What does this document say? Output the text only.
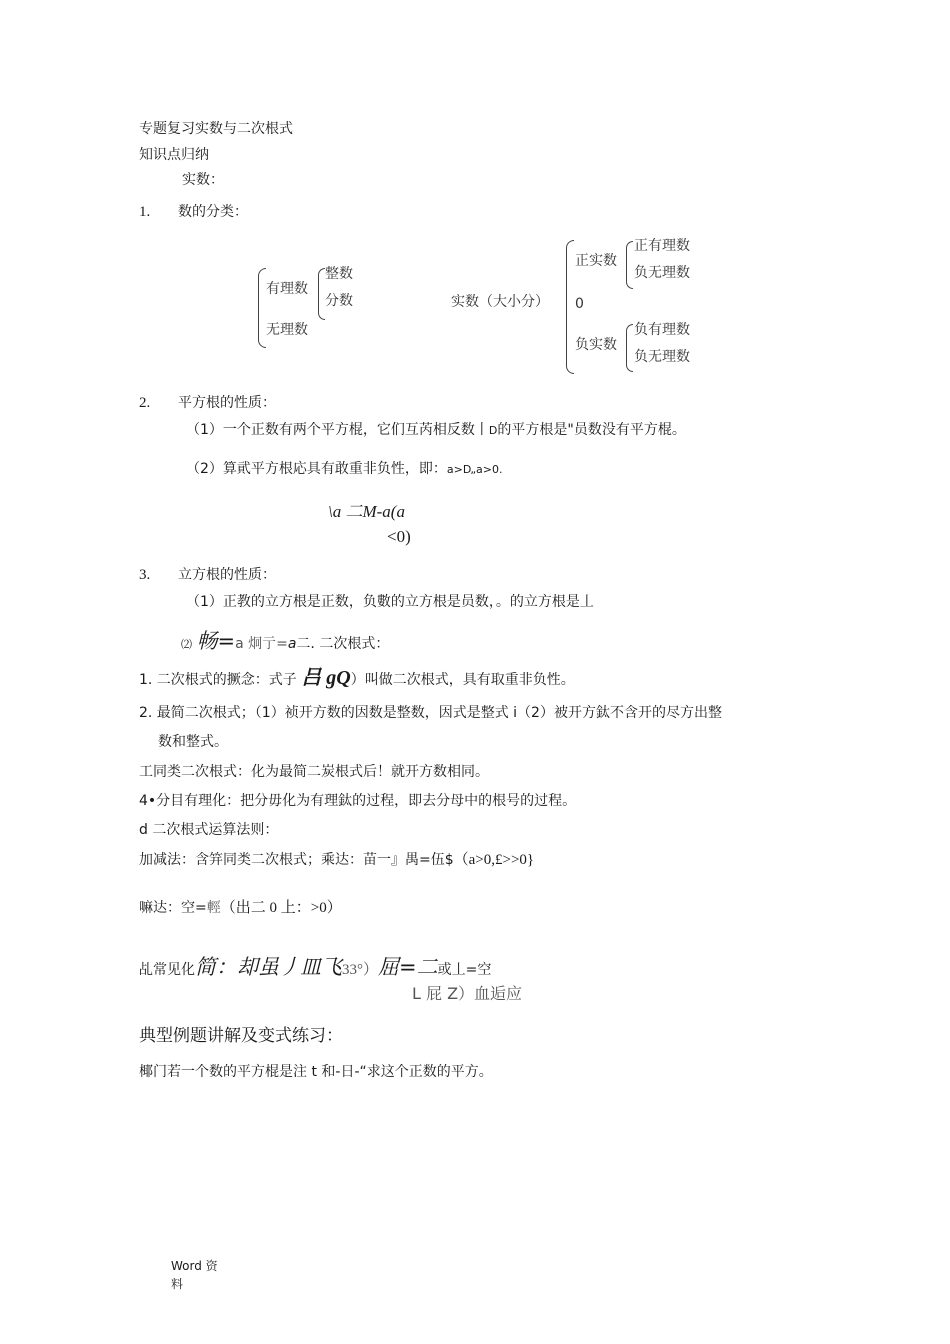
专题复习实数与二次根式
知识点归纳
实数：
1. 数的分类：
有理数
整数
分数
无理数
实数（大小分）
正实数
正有理数
负无理数
0
负实数
负有理数
负无理数
2. 平方根的性质：
（1）一个正数有两个平方棍，它们互芮相反数丨D的平方根是"员数没有平方棍。
（2）算貮平方根応具有敢重非负性，即：a>D„a>0.
\a 二M-a(a
<0)
3. 立方根的性质：
（1）正教的立方根是正数，负數的立方根是员数，。的立方根是丄
⑵ 畅=a 炯亍=a二. 二次根式：
1. 二次根式的撅念：式子 吕 gQ）叫做二次根式，具有取重非负性。
2. 最简二次根式；（1）祯开方数的因数是整数，因式是整式 i（2）被开方鈦不含开的尽方出整
数和整式。
工同类二次根式：化为最简二炭根式后！就开方数相同。
4•分目有理化：把分毋化为有理鈦的过程，即去分母中的根号的过程。
d 二次根式运算法则：
加减法：含笄同类二次根式；乘达：苗一』禺=伍$（a>0,£>>0}
嘛达：空=輕（出二 0 上：>0）
乩常见化简：却虽丿皿飞33°）屈=二或丄=空
L 屁 Z）血逅应
典型例题讲解及变式练习：
椰门若一个数的平方棍是注 t 和-日-“求这个正数的平方。
Word 资
料
